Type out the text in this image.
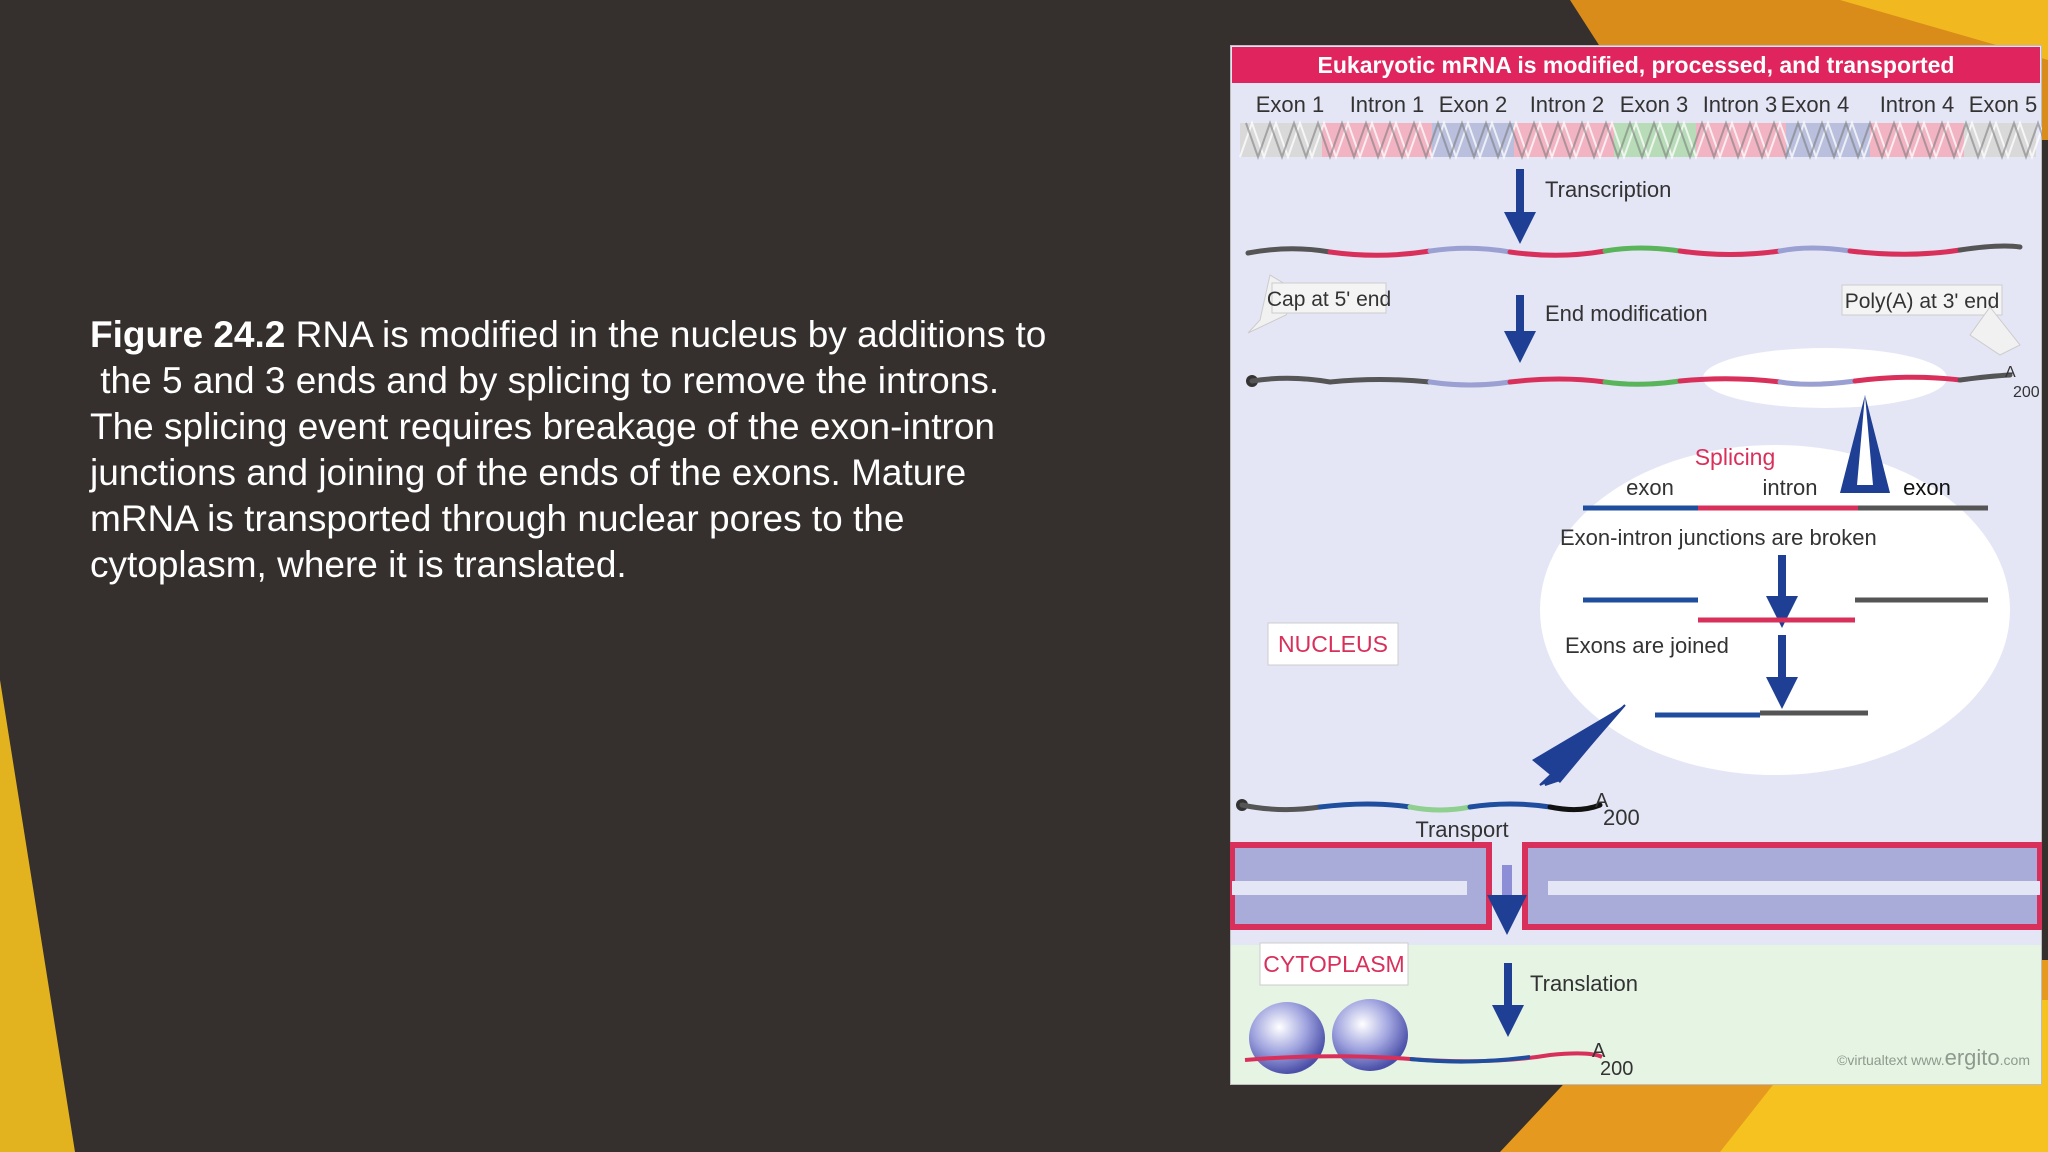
Figure 24.2 RNA is modified in the nucleus by additions to
the 5 and 3 ends and by splicing to remove the introns.
The splicing event requires breakage of the exon-intron
junctions and joining of the ends of the exons. Mature
mRNA is transported through nuclear pores to the
cytoplasm, where it is translated.
Eukaryotic mRNA is modified, processed, and transported
Exon 1 Intron 1 Exon 2 Intron 2 Exon 3 Intron 3 Exon 4 Intron 4 Exon 5
Transcription
Cap at 5' end
End modification	Poly(A) at 3' end
A
200
Splicing
exon	intron	exon
Exon-intron junctions are broken
Exons are joined
NUCLEUS
A
200
Transport
CYTOPLASM
Translation
A
200	©virtualtext www.ergito.com
